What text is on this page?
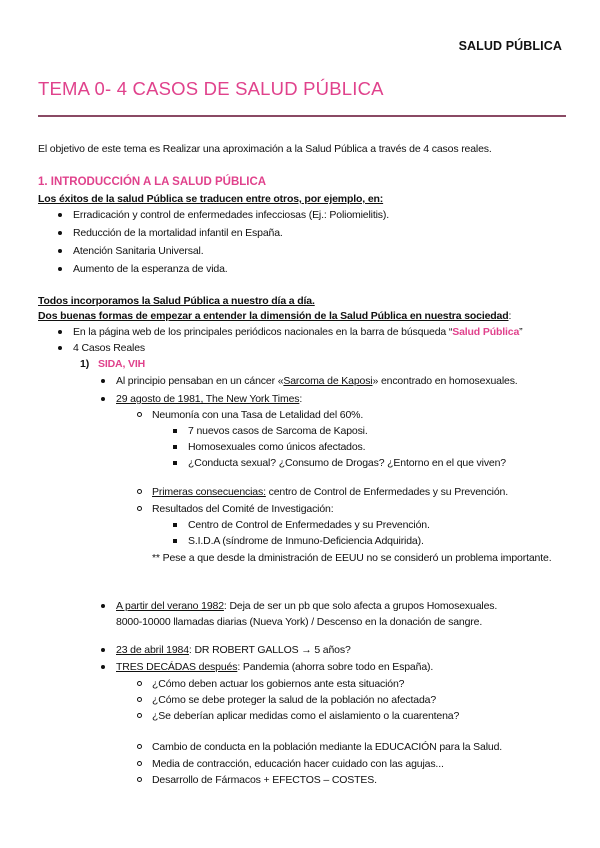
SALUD PÚBLICA
TEMA 0- 4 CASOS DE SALUD PÚBLICA
El objetivo de este tema es Realizar una aproximación a la Salud Pública a través de 4 casos reales.
1. INTRODUCCIÓN A LA SALUD PÚBLICA
Los éxitos de la salud Pública se traducen entre otros, por ejemplo, en:
Erradicación y control de enfermedades infecciosas (Ej.: Poliomielitis).
Reducción de la mortalidad infantil en España.
Atención Sanitaria Universal.
Aumento de la esperanza de vida.
Todos incorporamos la Salud Pública a nuestro día a día.
Dos buenas formas de empezar a entender la dimensión de la Salud Pública en nuestra sociedad:
En la página web de los principales periódicos nacionales en la barra de búsqueda “Salud Pública”
4 Casos Reales
1) SIDA, VIH
Al principio pensaban en un cáncer «Sarcoma de Kaposi» encontrado en homosexuales.
29 agosto de 1981, The New York Times:
Neumonía con una Tasa de Letalidad del 60%.
7 nuevos casos de Sarcoma de Kaposi.
Homosexuales como únicos afectados.
¿Conducta sexual? ¿Consumo de Drogas? ¿Entorno en el que viven?
Primeras consecuencias: centro de Control de Enfermedades y su Prevención.
Resultados del Comité de Investigación:
Centro de Control de Enfermedades y su Prevención.
S.I.D.A (síndrome de Inmuno-Deficiencia Adquirida).
** Pese a que desde la dministración de EEUU no se consideró un problema importante.
A partir del verano 1982: Deja de ser un pb que solo afecta a grupos Homosexuales.
8000-10000 llamadas diarias (Nueva York) / Descenso en la donación de sangre.
23 de abril 1984: DR ROBERT GALLOS → 5 años?
TRES DECÁDAS después: Pandemia (ahorra sobre todo en España).
¿Cómo deben actuar los gobiernos ante esta situación?
¿Cómo se debe proteger la salud de la población no afectada?
¿Se deberían aplicar medidas como el aislamiento o la cuarentena?
Cambio de conducta en la población mediante la EDUCACIÓN para la Salud.
Media de contracción, educación hacer cuidado con las agujas...
Desarrollo de Fármacos + EFECTOS – COSTES.
